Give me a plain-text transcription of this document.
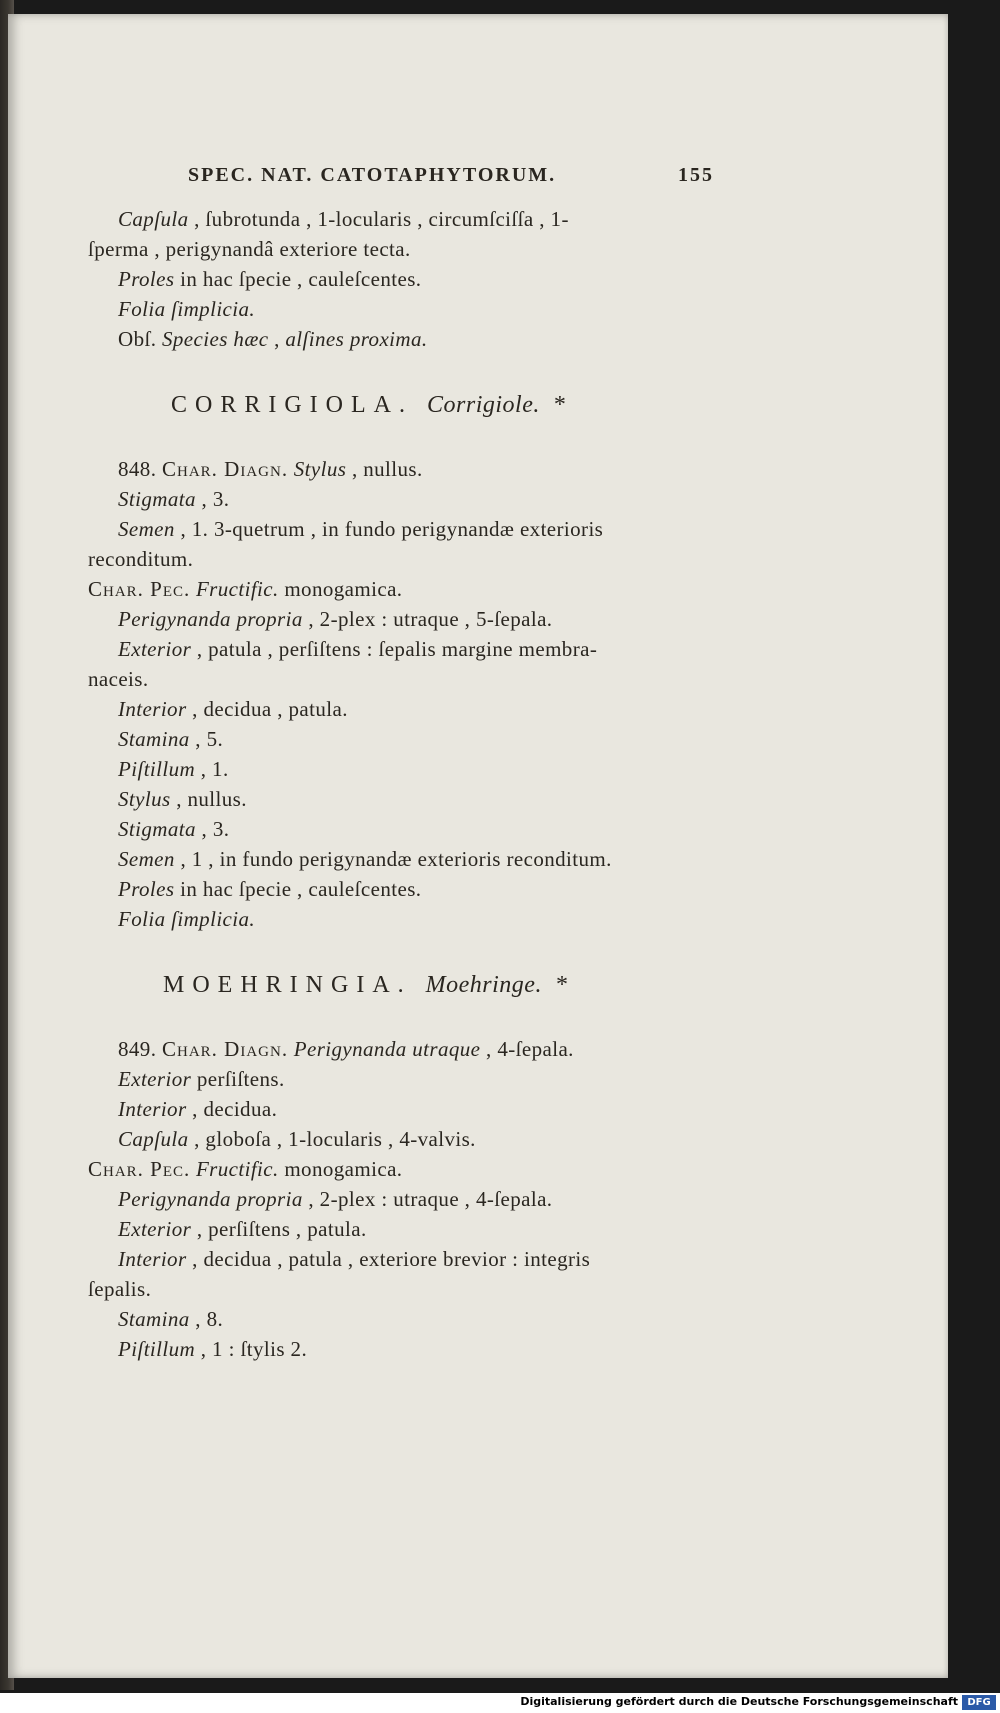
SPEC. NAT. CATOTAPHYTORUM.	155
Capſula , ſubrotunda , 1-locularis , circumſciſſa , 1-
ſperma , perigynandâ exteriore tecta.
Proles in hac ſpecie , cauleſcentes.
Folia ſimplicia.
Obſ. Species hæc , alſines proxima.
CORRIGIOLA. Corrigiole. *
848. Char. Diagn. Stylus , nullus.
Stigmata , 3.
Semen , 1. 3-quetrum , in fundo perigynandæ exterioris
reconditum.
Char. Pec. Fructific. monogamica.
Perigynanda propria , 2-plex : utraque , 5-ſepala.
Exterior , patula , perſiſtens : ſepalis margine membra-
naceis.
Interior , decidua , patula.
Stamina , 5.
Piſtillum , 1.
Stylus , nullus.
Stigmata , 3.
Semen , 1 , in fundo perigynandæ exterioris reconditum.
Proles in hac ſpecie , cauleſcentes.
Folia ſimplicia.
MOEHRINGIA. Moehringe. *
849. Char. Diagn. Perigynanda utraque , 4-ſepala.
Exterior perſiſtens.
Interior , decidua.
Capſula , globoſa , 1-locularis , 4-valvis.
Char. Pec. Fructific. monogamica.
Perigynanda propria , 2-plex : utraque , 4-ſepala.
Exterior , perſiſtens , patula.
Interior , decidua , patula , exteriore brevior : integris
ſepalis.
Stamina , 8.
Piſtillum , 1 : ſtylis 2.
Digitalisierung gefördert durch die Deutsche Forschungsgemeinschaft DFG
